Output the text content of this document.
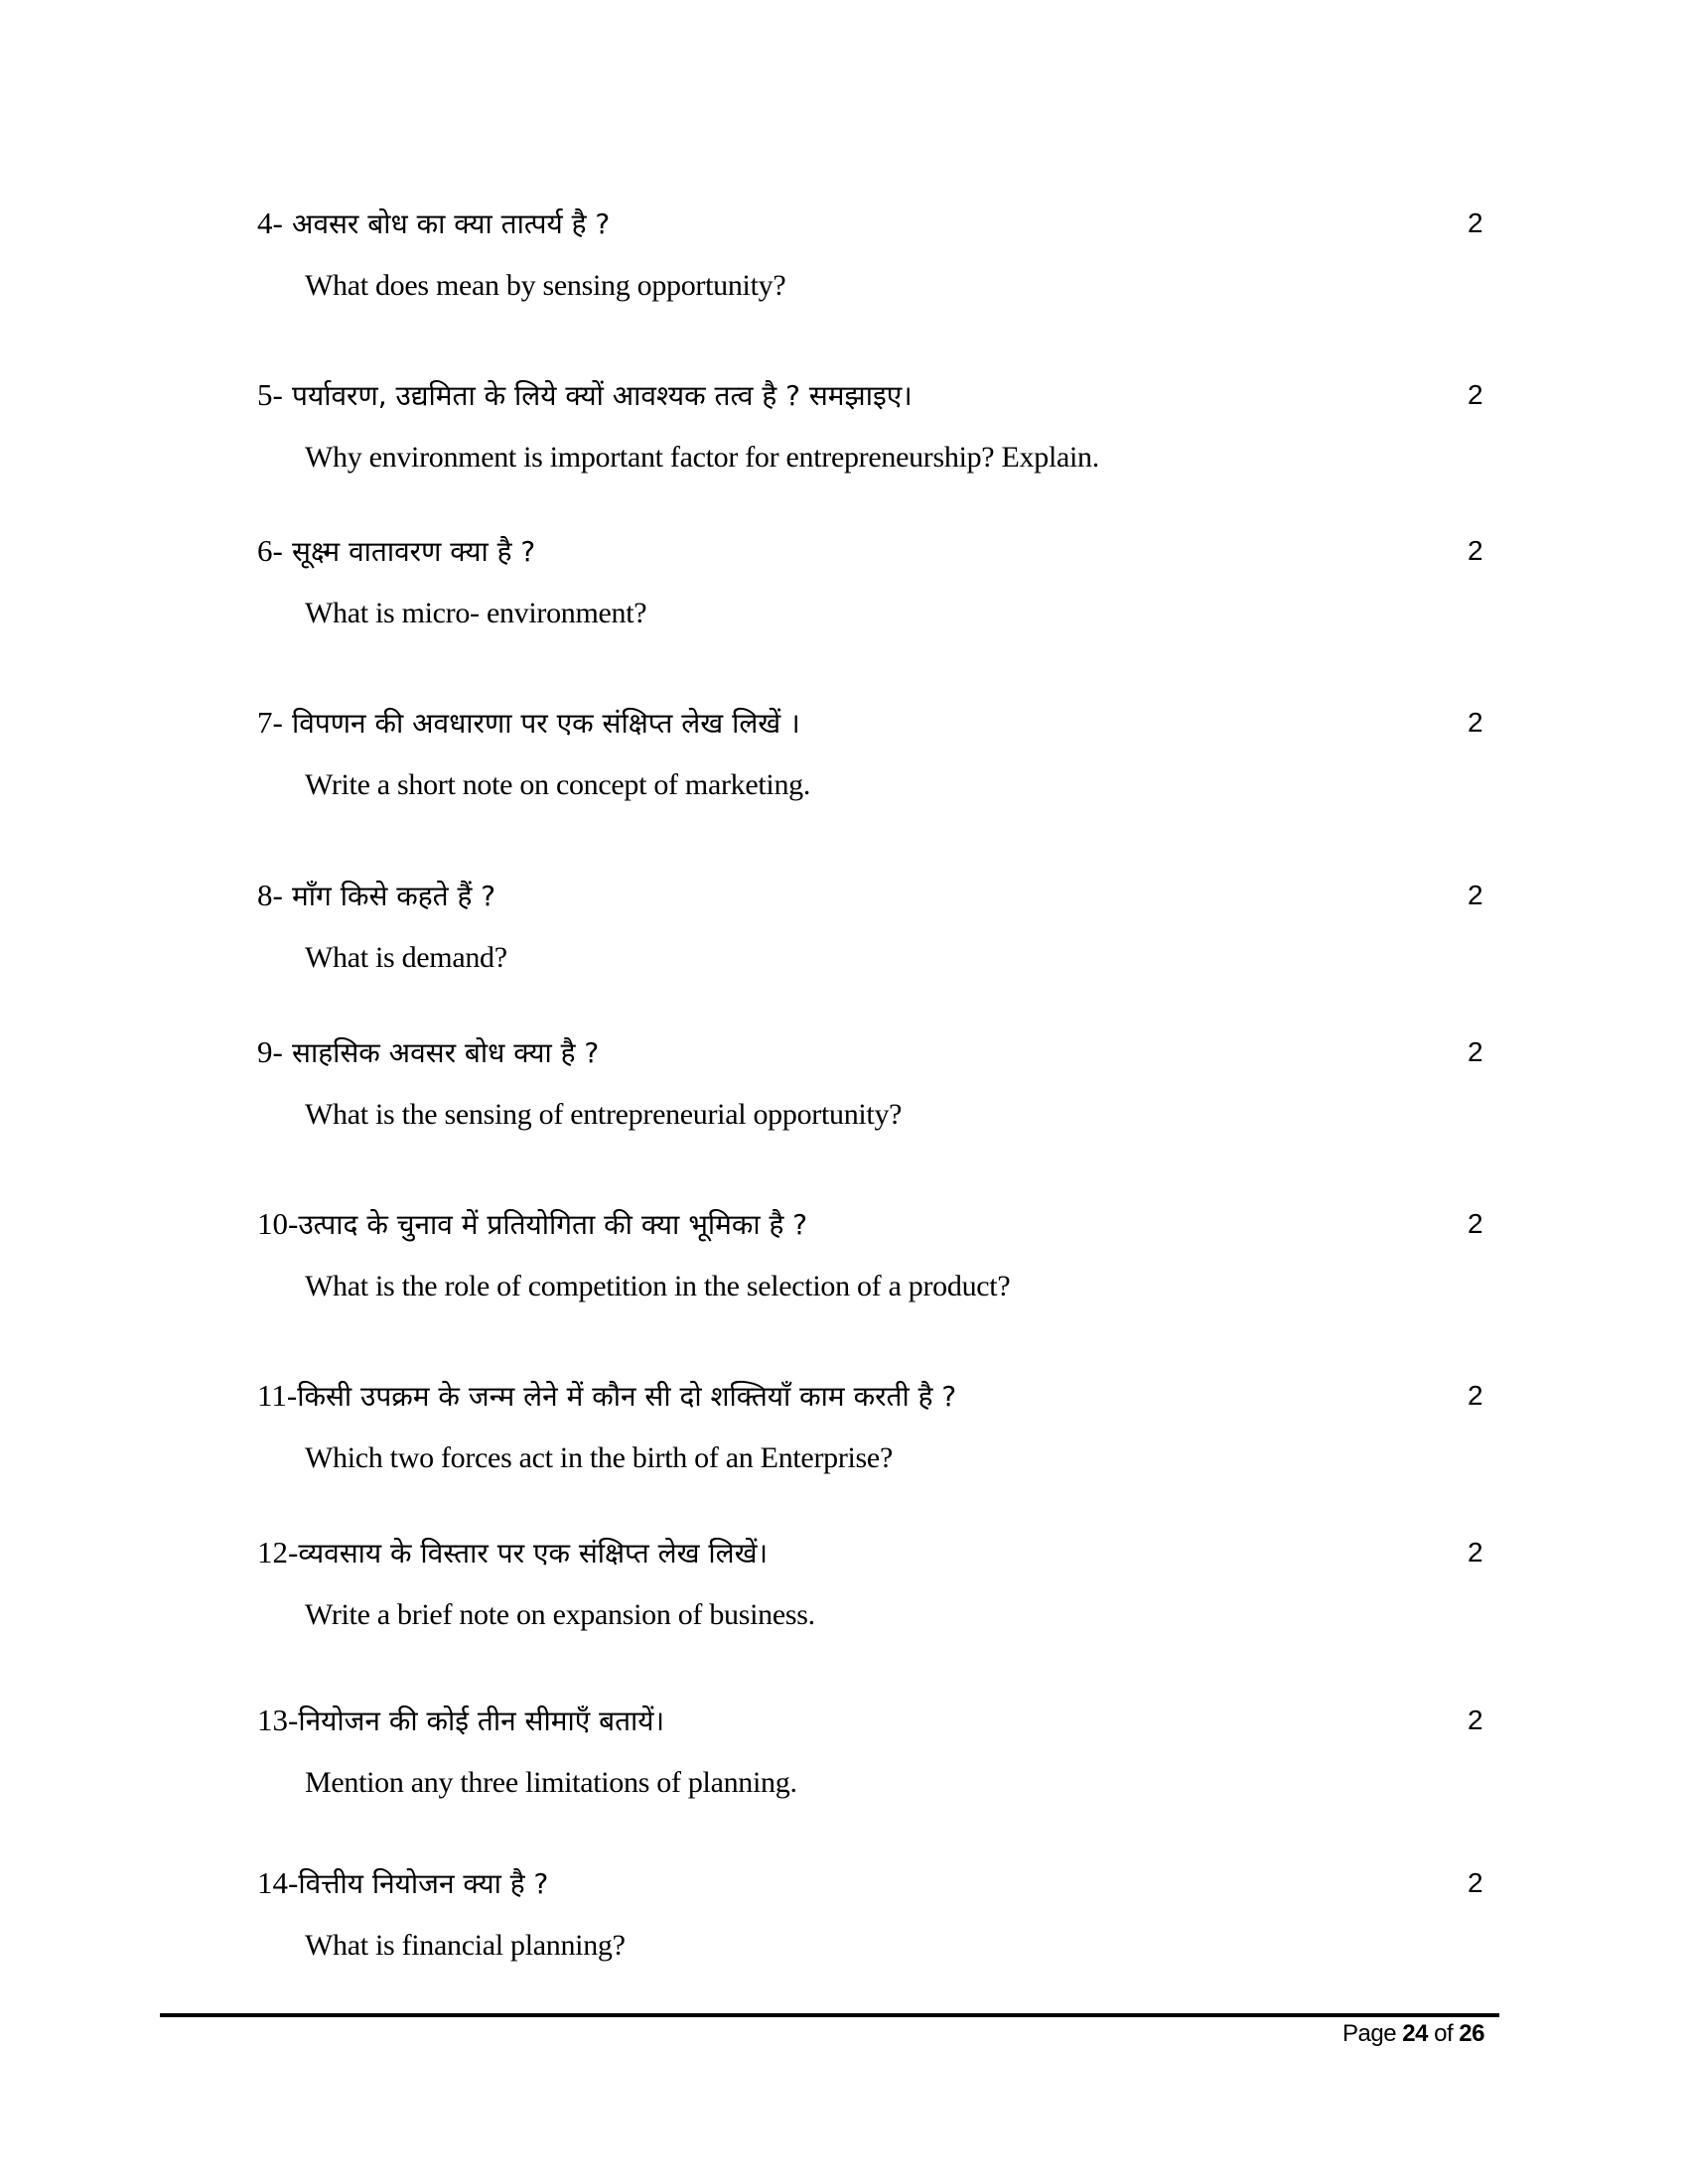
4- अवसर बोध का क्या तात्पर्य है ?
What does mean by sensing opportunity?
2
5- पर्यावरण, उद्यमिता के लिये क्यों आवश्यक तत्व है ? समझाइए।
Why environment is important factor for entrepreneurship? Explain.
2
6- सूक्ष्म वातावरण क्या है ?
What is micro- environment?
2
7- विपणन की अवधारणा पर एक संक्षिप्त लेख लिखें ।
Write a short note on concept of marketing.
2
8- मॉंग किसे कहते हैं ?
What is demand?
2
9- साहसिक अवसर बोध क्या है ?
What is the sensing of entrepreneurial opportunity?
2
10-उत्पाद के चुनाव में प्रतियोगिता की क्या भूमिका है ?
What is the role of competition in the selection of a product?
2
11-किसी उपक्रम के जन्म लेने में कौन सी दो शक्तियाँ काम करती है ?
Which two forces act in the birth of an Enterprise?
2
12-व्यवसाय के विस्तार पर एक संक्षिप्त लेख लिखें।
Write a brief note on expansion of business.
2
13-नियोजन की कोई तीन सीमाएँ बतायें।
Mention any three limitations of planning.
2
14-वित्तीय नियोजन क्या है ?
What is financial planning?
2
Page 24 of 26
